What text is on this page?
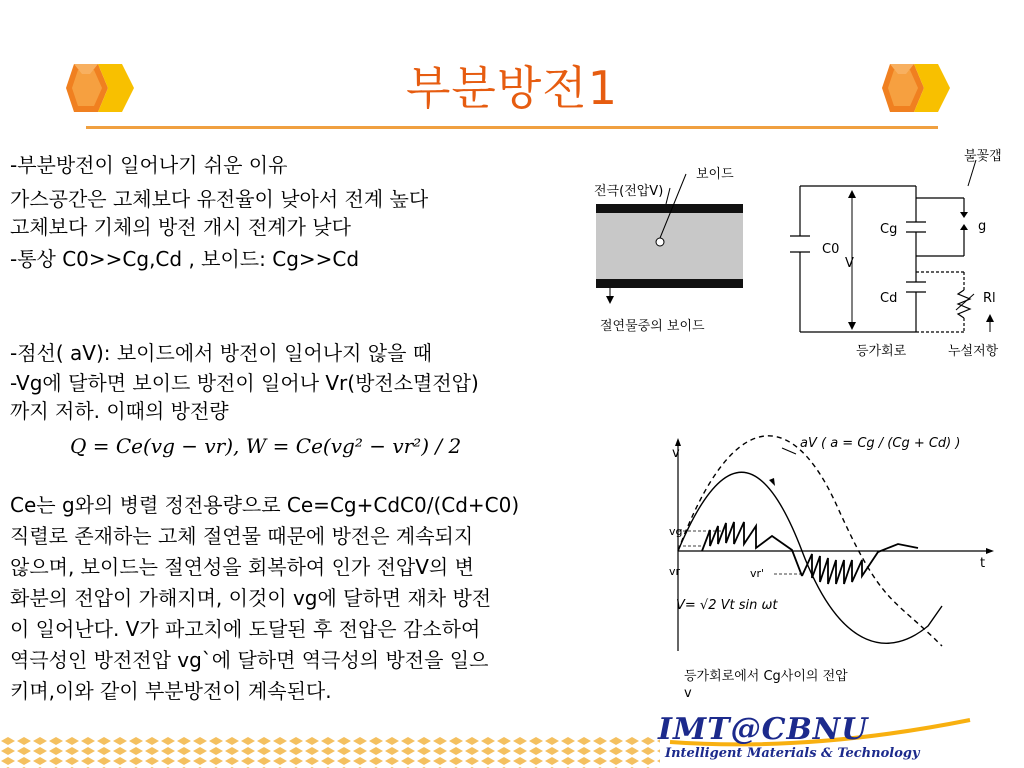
부분방전1
-부분방전이 일어나기 쉬운 이유
가스공간은 고체보다 유전율이 낮아서 전계 높다
고체보다 기체의 방전 개시 전계가 낮다
-통상 C0>>Cg,Cd , 보이드: Cg>>Cd
-점선( aV): 보이드에서 방전이 일어나지 않을 때
-Vg에 달하면 보이드 방전이 일어나 Vr(방전소멸전압)
까지 저하. 이때의 방전량
Q = Ce(vg − vr), W = Ce(vg² − vr²) / 2
Ce는 g와의 병렬 정전용량으로 Ce=Cg+CdC0/(Cd+C0)
직렬로 존재하는 고체 절연물 때문에 방전은 계속되지
않으며, 보이드는 절연성을 회복하여 인가 전압V의 변
화분의 전압이 가해지며, 이것이 vg에 달하면 재차 방전
이 일어난다. V가 파고치에 도달된 후 전압은 감소하여
역극성인 방전전압 vg`에 달하면 역극성의 방전을 일으
키며,이와 같이 부분방전이 계속된다.
전극(전압V)
보이드
절연물중의 보이드
불꽃갭
Cg
C0
V
g
Cd	Rl
등가회로	누설저항
v
t
vg
vr	vr'
aV ( a = Cg / (Cg + Cd) )
V= √2 Vt sin ωt
등가회로에서 Cg사이의 전압
v
IMT@CBNU
Intelligent Materials & Technology
